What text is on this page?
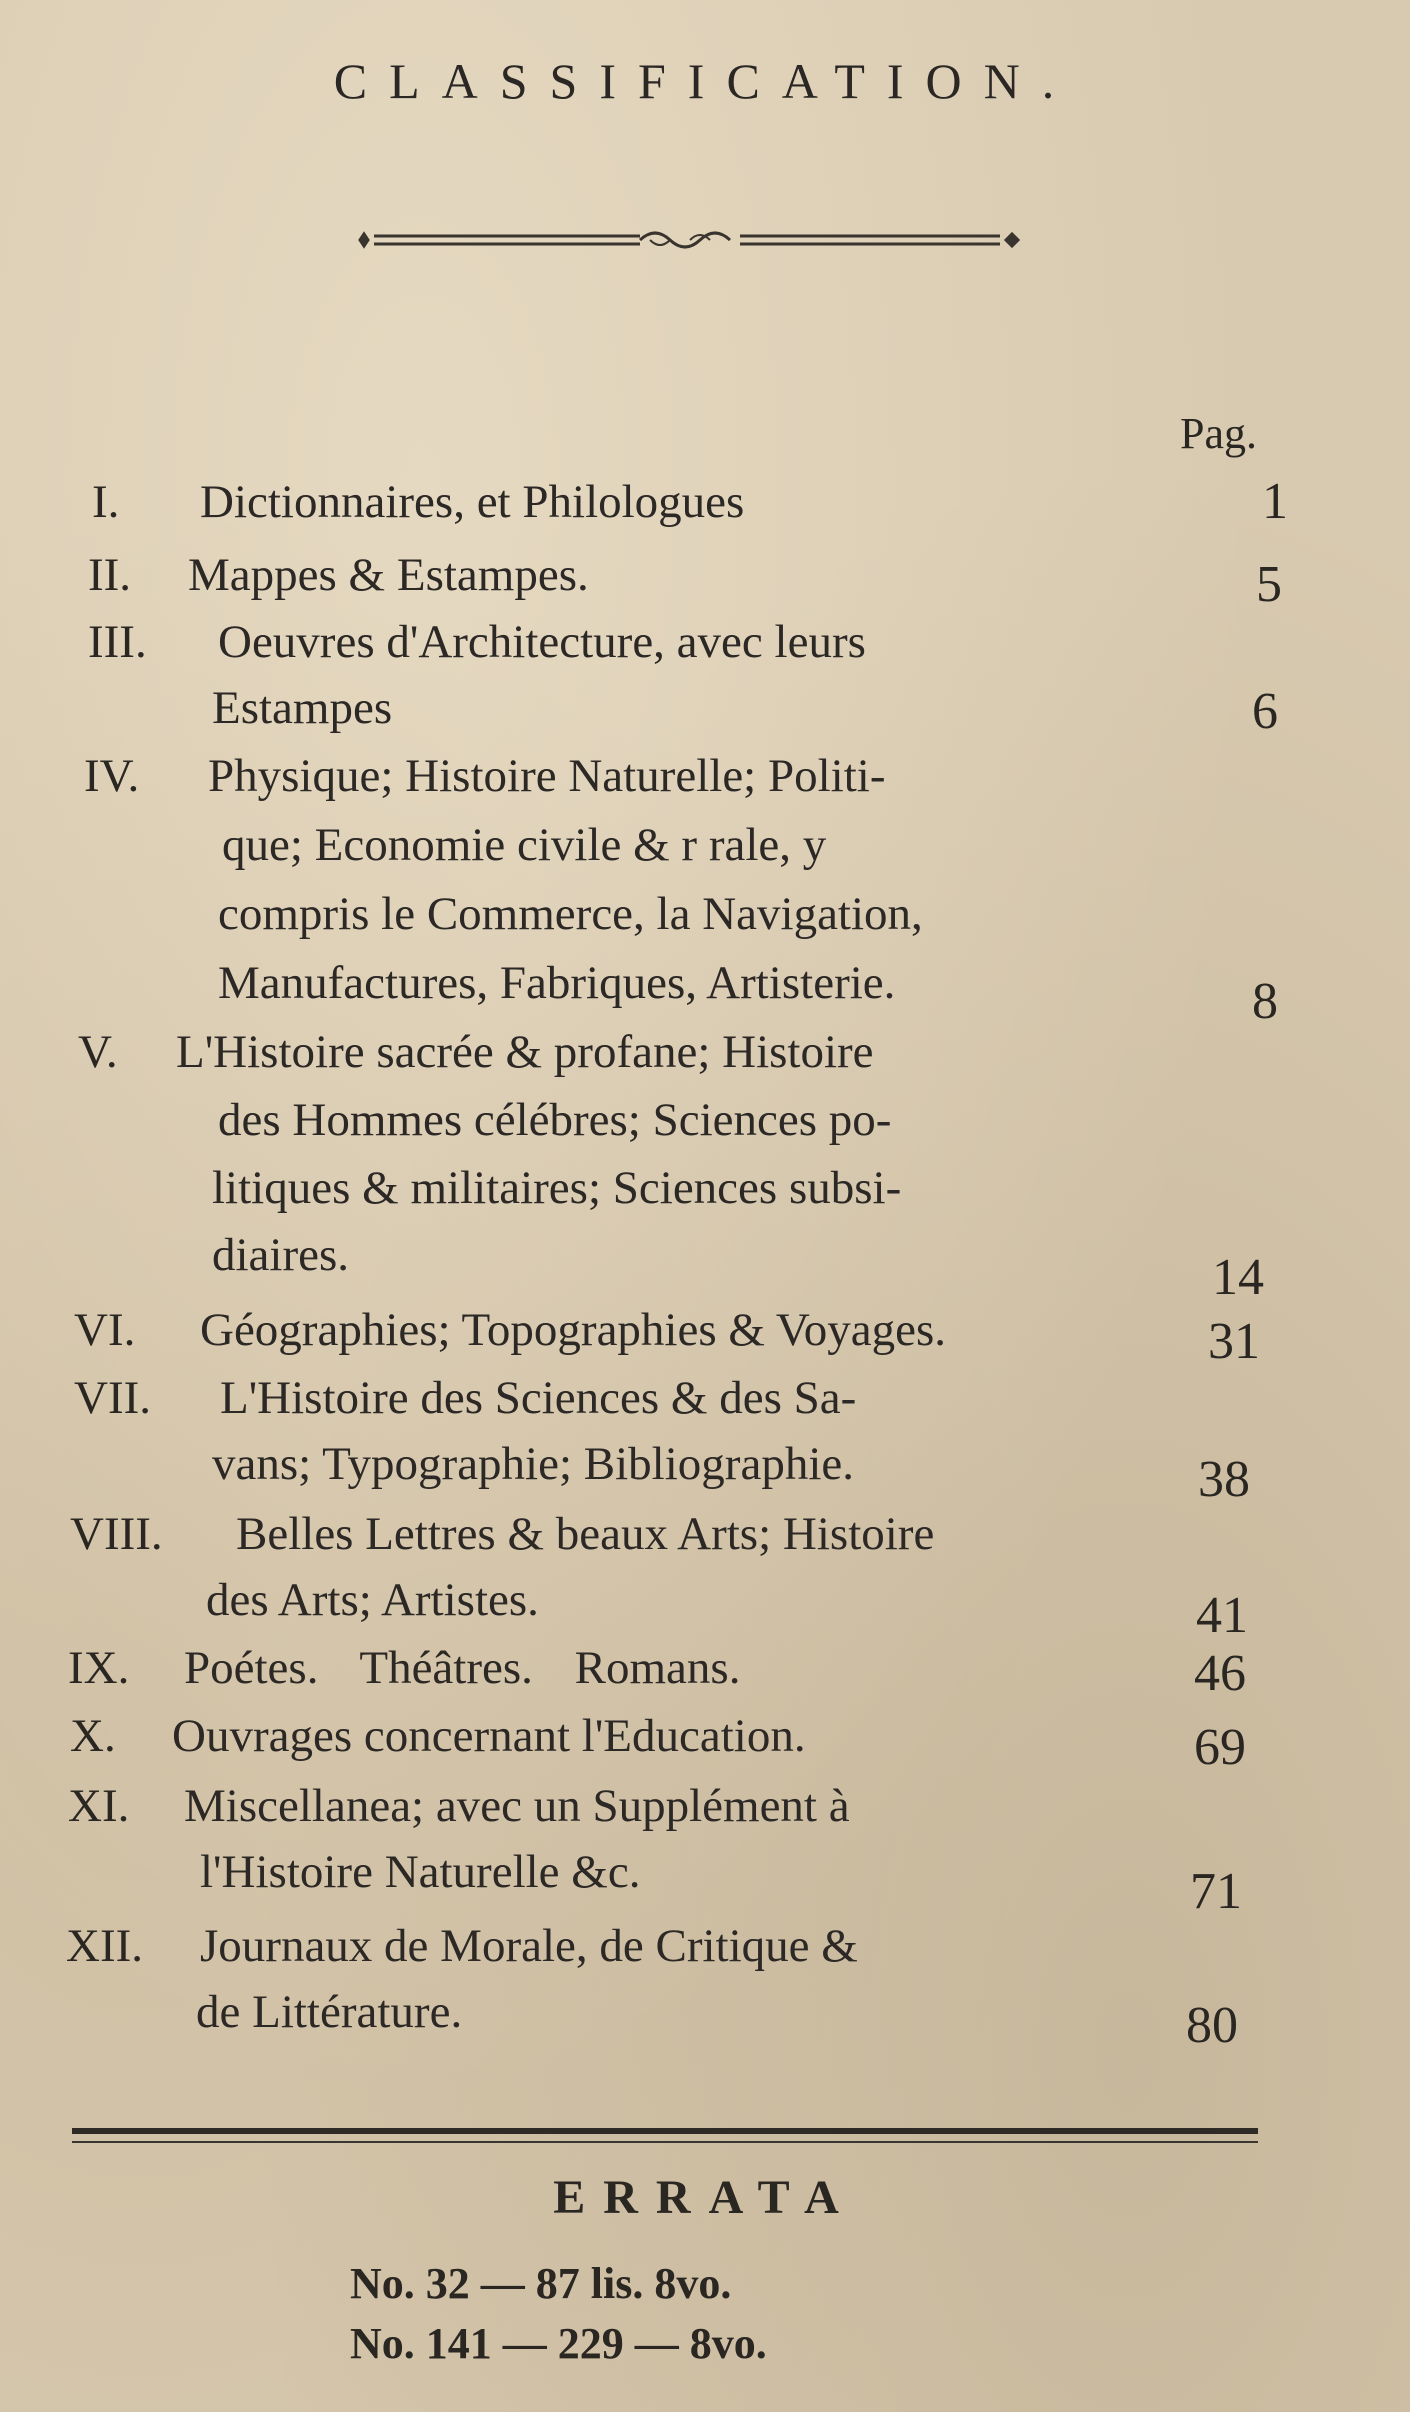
CLASSIFICATION.
Pag.
I. Dictionnaires, et Philologues	1
II. Mappes & Estampes.	5
III. Oeuvres d'Architecture, avec leurs
Estampes	6
IV. Physique; Histoire Naturelle; Politi-
que; Economie civile & r rale, y
compris le Commerce, la Navigation,
Manufactures, Fabriques, Artisterie.	8
V. L'Histoire sacrée & profane; Histoire
des Hommes célébres; Sciences po-
litiques & militaires; Sciences subsi-
diaires.	14
VI. Géographies; Topographies & Voyages.	31
VII. L'Histoire des Sciences & des Sa-
vans; Typographie; Bibliographie.	38
VIII. Belles Lettres & beaux Arts; Histoire
des Arts; Artistes.	41
IX. Poétes. Théâtres. Romans.	46
X. Ouvrages concernant l'Education.	69
XI. Miscellanea; avec un Supplément à
l'Histoire Naturelle &c.	71
XII. Journaux de Morale, de Critique &
de Littérature.	80
ERRATA
No. 32 — 87 lis. 8vo.
No. 141 — 229 — 8vo.
